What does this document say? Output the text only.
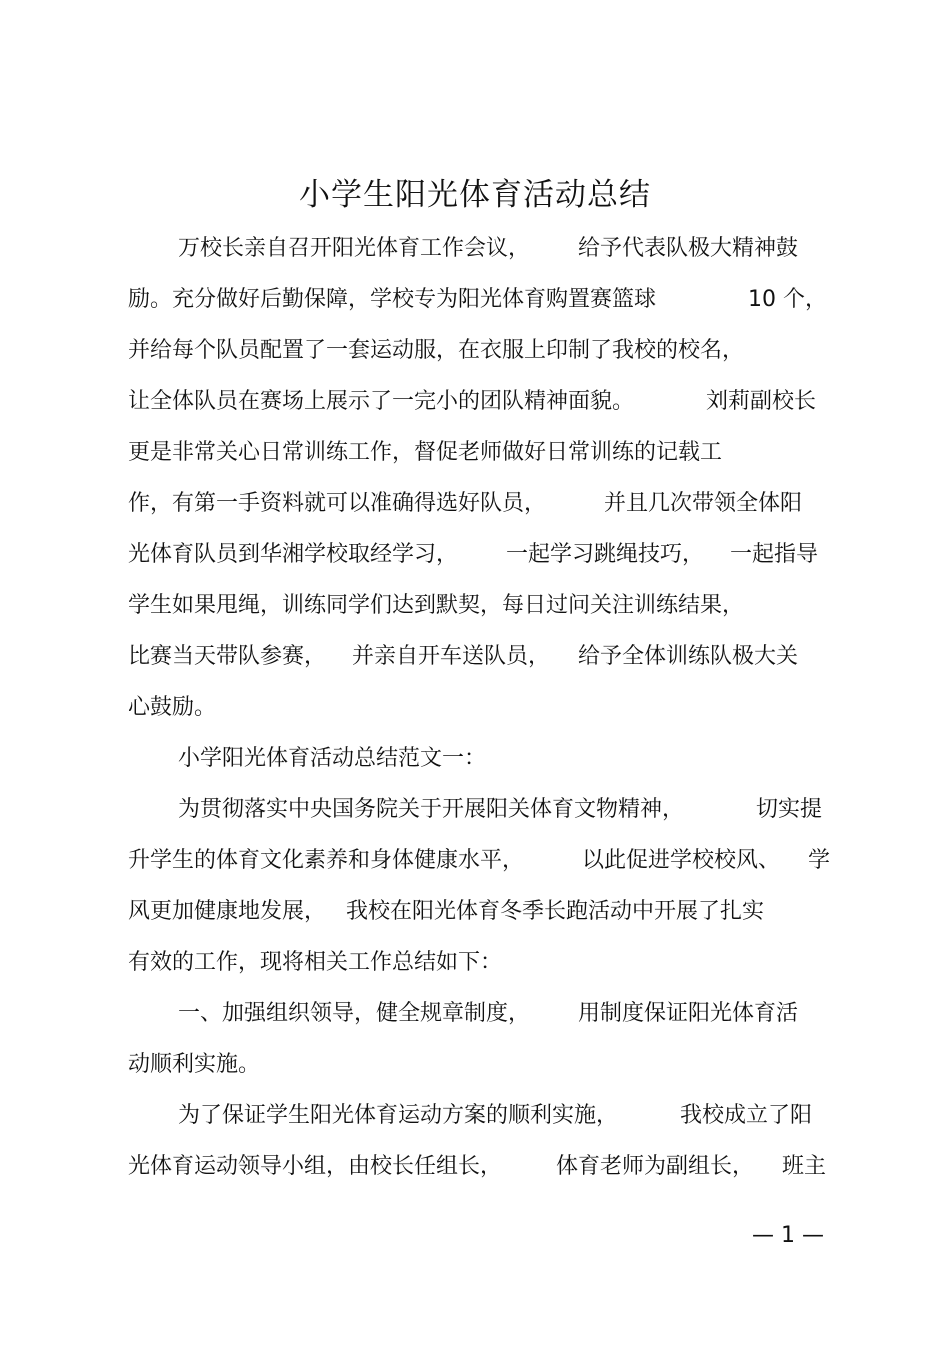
小学生阳光体育活动总结
万校长亲自召开阳光体育工作会议， 给予代表队极大精神鼓
励。充分做好后勤保障，学校专为阳光体育购置赛篮球	10 个，
并给每个队员配置了一套运动服，在衣服上印制了我校的校名，
让全体队员在赛场上展示了一完小的团队精神面貌。	刘莉副校长
更是非常关心日常训练工作，督促老师做好日常训练的记载工
作，有第一手资料就可以准确得选好队员，	并且几次带领全体阳
光体育队员到华湘学校取经学习， 一起学习跳绳技巧， 一起指导
学生如果甩绳，训练同学们达到默契，每日过问关注训练结果，
比赛当天带队参赛， 并亲自开车送队员， 给予全体训练队极大关
心鼓励。
小学阳光体育活动总结范文一：
为贯彻落实中央国务院关于开展阳关体育文物精神，	切实提
升学生的体育文化素养和身体健康水平，	以此促进学校校风、 学
风更加健康地发展， 我校在阳光体育冬季长跑活动中开展了扎实
有效的工作，现将相关工作总结如下：
一、加强组织领导，健全规章制度， 用制度保证阳光体育活
动顺利实施。
为了保证学生阳光体育运动方案的顺利实施，	我校成立了阳
光体育运动领导小组，由校长任组长， 体育老师为副组长， 班主
— 1 —
